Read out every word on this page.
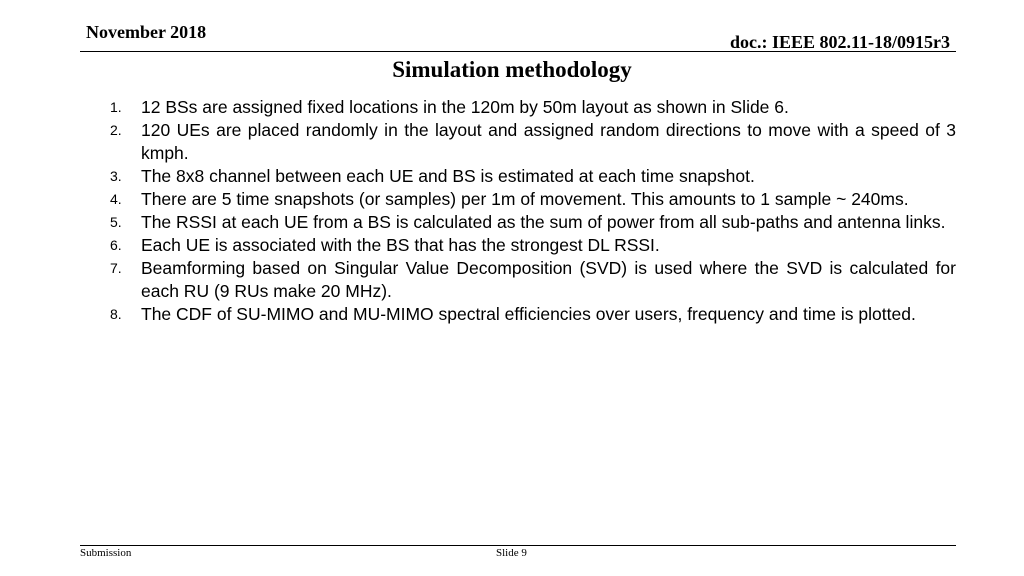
November 2018	doc.: IEEE 802.11-18/0915r3
Simulation methodology
1.	12 BSs are assigned fixed locations in the 120m by 50m layout as shown in Slide 6.
2.	120 UEs are placed randomly in the layout and assigned random directions to move with a speed of 3 kmph.
3.	The 8x8 channel between each UE and BS is estimated at each time snapshot.
4.	There are 5 time snapshots (or samples) per 1m of movement. This amounts to 1 sample ~ 240ms.
5.	The RSSI at each UE from a BS is calculated as the sum of power from all sub-paths and antenna links.
6.	Each UE is associated with the BS that has the strongest DL RSSI.
7.	Beamforming based on Singular Value Decomposition (SVD) is used where the SVD is calculated for each RU (9 RUs make 20 MHz).
8.	The CDF of SU-MIMO and MU-MIMO spectral efficiencies over users, frequency and time is plotted.
Submission	Slide 9
